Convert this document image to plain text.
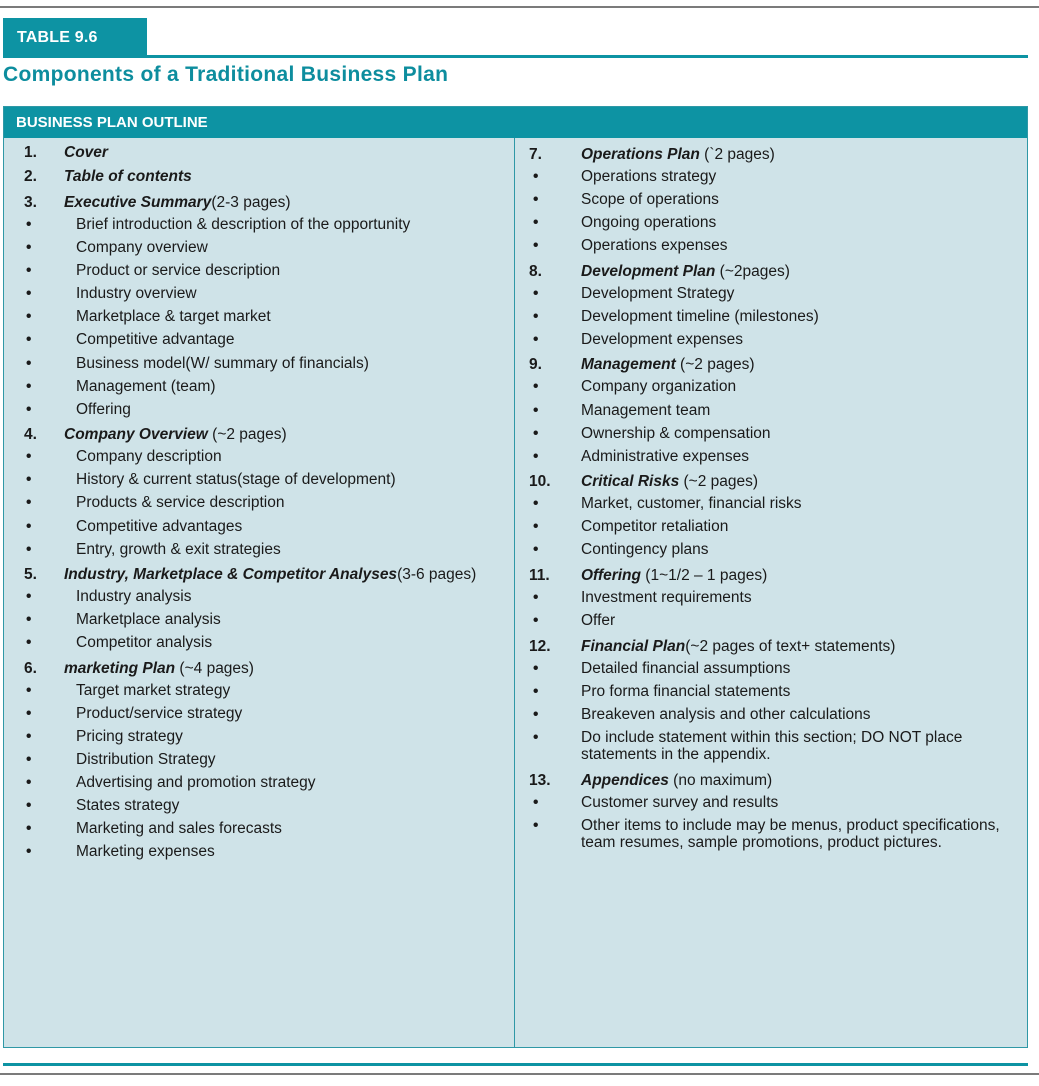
TABLE 9.6
Components of a Traditional Business Plan
BUSINESS PLAN OUTLINE
1.	Cover
2.	Table of contents
3.	Executive Summary(2-3 pages)
•	Brief introduction & description of the opportunity
•	Company overview
•	Product or service description
•	Industry overview
•	Marketplace & target market
•	Competitive advantage
•	Business model(W/ summary of financials)
•	Management (team)
•	Offering
4.	Company Overview (~2 pages)
•	Company description
•	History & current status(stage of development)
•	Products & service description
•	Competitive advantages
•	Entry, growth & exit strategies
5.	Industry, Marketplace & Competitor Analyses(3-6 pages)
•	Industry analysis
•	Marketplace analysis
•	Competitor analysis
6.	marketing Plan (~4 pages)
•	Target market strategy
•	Product/service strategy
•	Pricing strategy
•	Distribution Strategy
•	Advertising and promotion strategy
•	States strategy
•	Marketing and sales forecasts
•	Marketing expenses
7.	Operations Plan (`2 pages)
•	Operations strategy
•	Scope of operations
•	Ongoing operations
•	Operations expenses
8.	Development Plan (~2pages)
•	Development Strategy
•	Development timeline (milestones)
•	Development expenses
9.	Management (~2 pages)
•	Company organization
•	Management team
•	Ownership & compensation
•	Administrative expenses
10.	Critical Risks (~2 pages)
•	Market, customer, financial risks
•	Competitor retaliation
•	Contingency plans
11.	Offering (1~1/2 – 1 pages)
•	Investment requirements
•	Offer
12.	Financial Plan(~2 pages of text+ statements)
•	Detailed financial assumptions
•	Pro forma financial statements
•	Breakeven analysis and other calculations
•	Do include statement within this section; DO NOT place statements in the appendix.
13.	Appendices (no maximum)
•	Customer survey and results
•	Other items to include may be menus, product specifications, team resumes, sample promotions, product pictures.
